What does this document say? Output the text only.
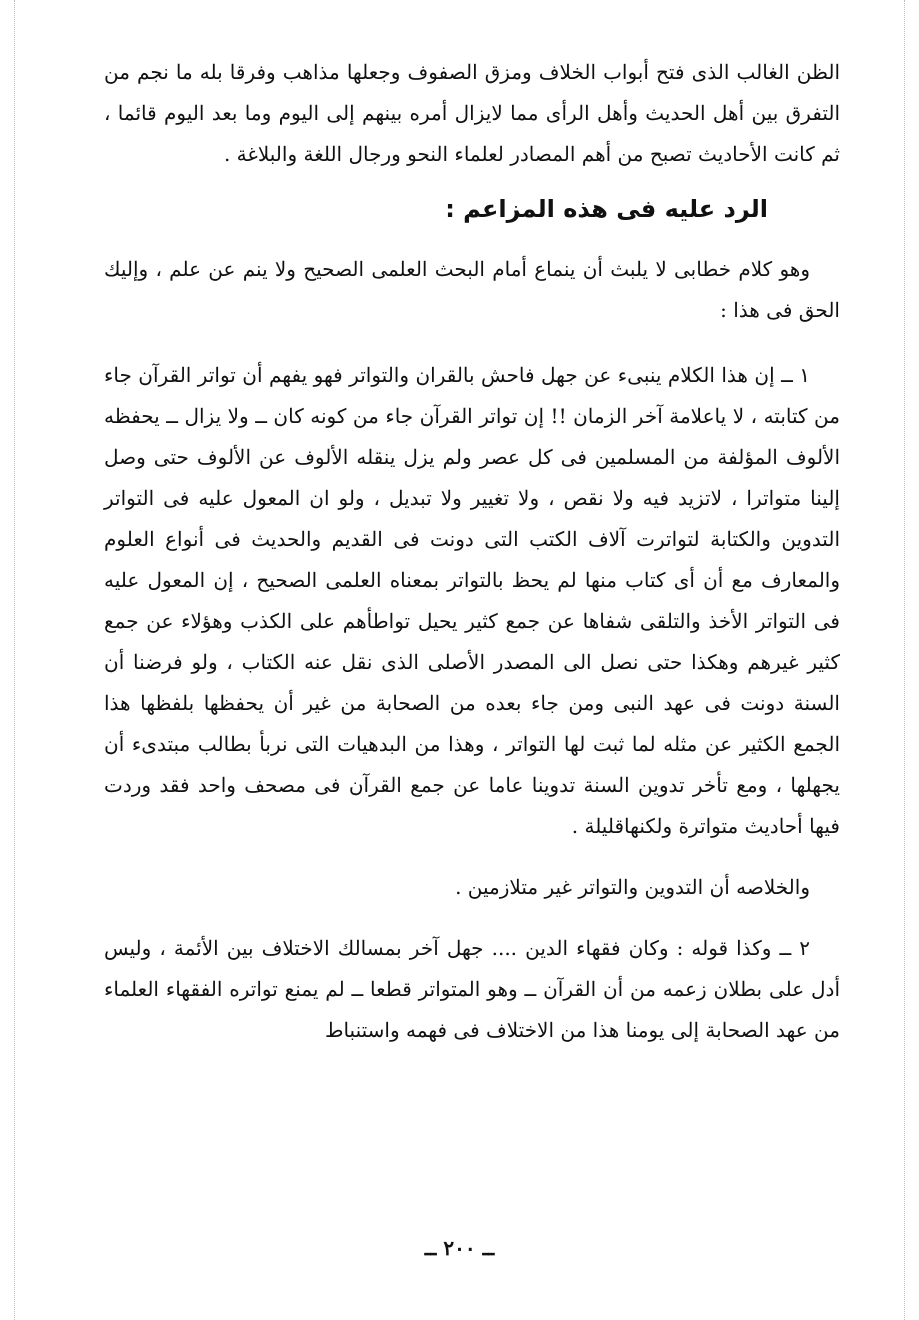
الظن الغالب الذى فتح أبواب الخلاف ومزق الصفوف وجعلها مذاهب وفرقا بله ما نجم من التفرق بين أهل الحديث وأهل الرأى مما لايزال أمره بينهم إلى اليوم وما بعد اليوم قائما ، ثم كانت الأحاديث تصبح من أهم المصادر لعلماء النحو ورجال اللغة والبلاغة .

الرد عليه فى هذه المزاعم :

وهو كلام خطابى لا يلبث أن ينماع أمام البحث العلمى الصحيح ولا ينم عن علم ، وإليك الحق فى هذا :

١ ــ إن هذا الكلام ينبىء عن جهل فاحش بالقران والتواتر فهو يفهم أن تواتر القرآن جاء من كتابته ، لا ياعلامة آخر الزمان !! إن تواتر القرآن جاء من كونه كان ــ ولا يزال ــ يحفظه الألوف المؤلفة من المسلمين فى كل عصر ولم يزل ينقله الألوف عن الألوف حتى وصل إلينا متواترا ، لاتزيد فيه ولا نقص ، ولا تغيير ولا تبديل ، ولو ان المعول عليه فى التواتر التدوين والكتابة لتواترت آلاف الكتب التى دونت فى القديم والحديث فى أنواع العلوم والمعارف مع أن أى كتاب منها لم يحظ بالتواتر بمعناه العلمى الصحيح ، إن المعول عليه فى التواتر الأخذ والتلقى شفاها عن جمع كثير يحيل تواطأهم على الكذب وهؤلاء عن جمع كثير غيرهم وهكذا حتى نصل الى المصدر الأصلى الذى نقل عنه الكتاب ، ولو فرضنا أن السنة دونت فى عهد النبى ومن جاء بعده من الصحابة من غير أن يحفظها بلفظها هذا الجمع الكثير عن مثله لما ثبت لها التواتر ، وهذا من البدهيات التى نربأ بطالب مبتدىء أن يجهلها ، ومع تأخر تدوين السنة تدوينا عاما عن جمع القرآن فى مصحف واحد فقد وردت فيها أحاديث متواترة ولكنهاقليلة .

والخلاصه أن التدوين والتواتر غير متلازمين .

٢ ــ وكذا قوله : وكان فقهاء الدين .... جهل آخر بمسالك الاختلاف بين الأئمة ، وليس أدل على بطلان زعمه من أن القرآن ــ وهو المتواتر قطعا ــ لم يمنع تواتره الفقهاء العلماء من عهد الصحابة إلى يومنا هذا من الاختلاف فى فهمه واستنباط

ــ ٢٠٠ ــ
